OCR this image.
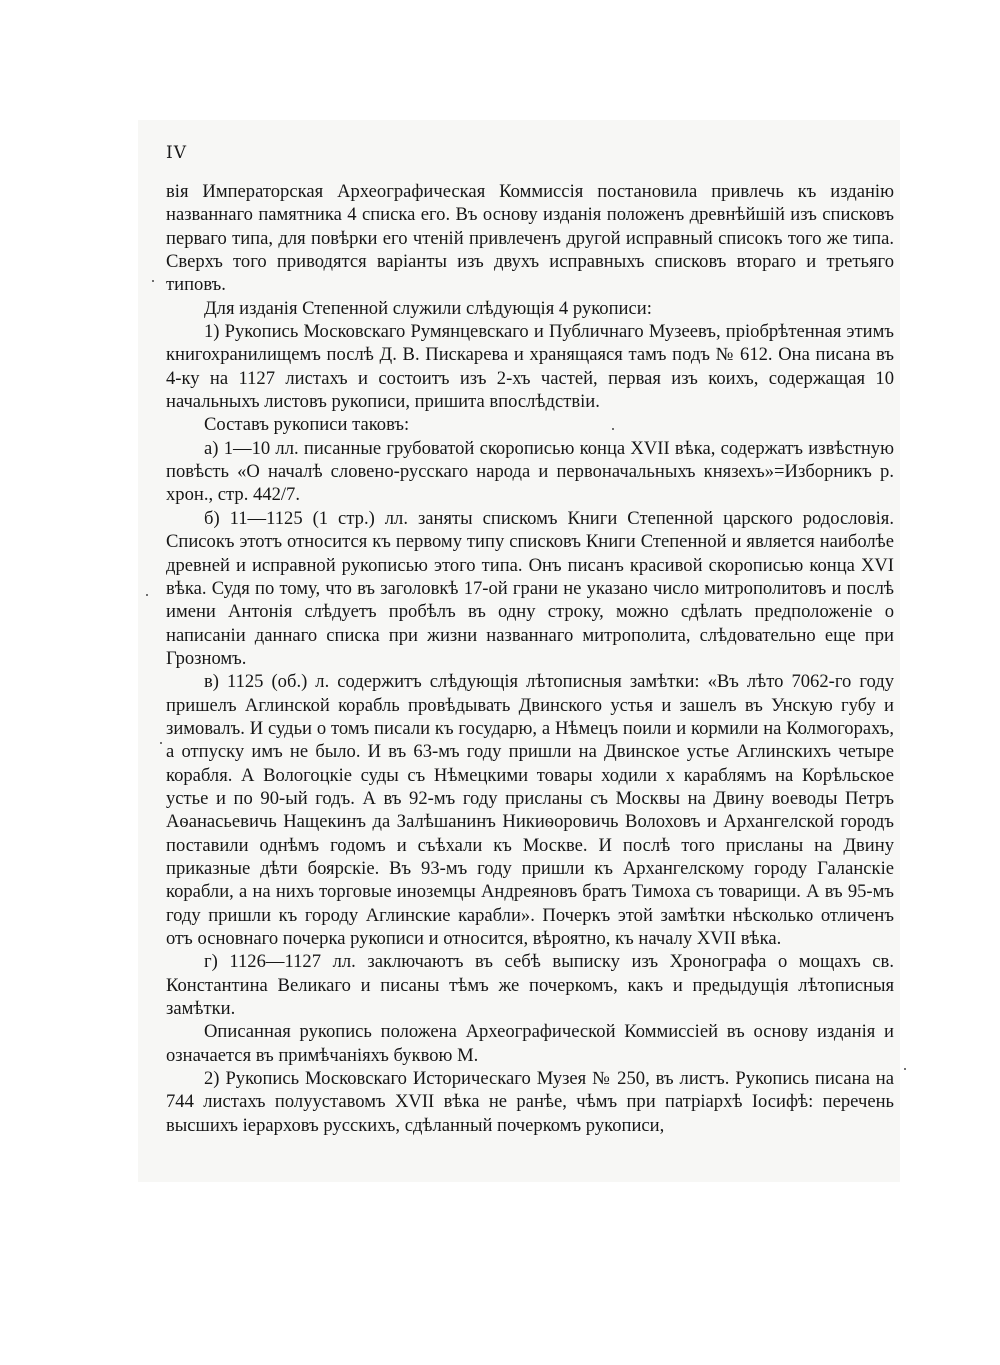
IV

вія Императорская Археографическая Коммиссія постановила привлечь къ изданію названнаго памятника 4 списка его. Въ основу изданія положенъ древнѣйшій изъ списковъ перваго типа, для повѣрки его чтеній привлеченъ другой исправный списокъ того же типа. Сверхъ того приводятся варіанты изъ двухъ исправныхъ списковъ втораго и третьяго типовъ.

Для изданія Степенной служили слѣдующія 4 рукописи:

1) Рукопись Московскаго Румянцевскаго и Публичнаго Музеевъ, пріобрѣтенная этимъ книгохранилищемъ послѣ Д. В. Пискарева и хранящаяся тамъ подъ № 612. Она писана въ 4-ку на 1127 листахъ и состоитъ изъ 2-хъ частей, первая изъ коихъ, содержащая 10 начальныхъ листовъ рукописи, пришита впослѣдствіи.

Составъ рукописи таковъ:

а) 1—10 лл. писанные грубоватой скорописью конца XVII вѣка, содержатъ извѣстную повѣсть «О началѣ словено-русскаго народа и первоначальныхъ князехъ»=Изборникъ р. хрон., стр. 442/7.

б) 11—1125 (1 стр.) лл. заняты спискомъ Книги Степенной царского родословія. Списокъ этотъ относится къ первому типу списковъ Книги Степенной и является наиболѣе древней и исправной рукописью этого типа. Онъ писанъ красивой скорописью конца XVI вѣка. Судя по тому, что въ заголовкѣ 17-ой грани не указано число митрополитовъ и послѣ имени Антонія слѣдуетъ пробѣлъ въ одну строку, можно сдѣлать предположеніе о написаніи даннаго списка при жизни названнаго митрополита, слѣдовательно еще при Грозномъ.

в) 1125 (об.) л. содержитъ слѣдующія лѣтописныя замѣтки: «Въ лѣто 7062-го году пришелъ Аглинской корабль провѣдывать Двинского устья и зашелъ въ Унскую губу и зимовалъ. И судьи о томъ писали къ государю, а Нѣмецъ поили и кормили на Колмогорахъ, а отпуску имъ не было. И въ 63-мъ году пришли на Двинское устье Аглинскихъ четыре корабля. А Вологоцкіе суды съ Нѣмецкими товары ходили х караблямъ на Корѣльское устье и по 90-ый годъ. А въ 92-мъ году присланы съ Москвы на Двину воеводы Петръ Аѳанасьевичь Нащекинъ да Залѣшанинъ Никиѳоровичь Волоховъ и Архангелской городъ поставили однѣмъ годомъ и съѣхали къ Москве. И послѣ того присланы на Двину приказные дѣти боярскіе. Въ 93-мъ году пришли къ Архангелскому городу Галанскіе корабли, а на нихъ торговые иноземцы Андреяновъ братъ Тимоха съ товарищи. А въ 95-мъ году пришли къ городу Аглинские карабли». Почеркъ этой замѣтки нѣсколько отличенъ отъ основнаго почерка рукописи и относится, вѣроятно, къ началу XVII вѣка.

г) 1126—1127 лл. заключаютъ въ себѣ выписку изъ Хронографа о мощахъ св. Константина Великаго и писаны тѣмъ же почеркомъ, какъ и предыдущія лѣтописныя замѣтки.

Описанная рукопись положена Археографической Коммиссіей въ основу изданія и означается въ примѣчаніяхъ буквою М.

2) Рукопись Московскаго Историческаго Музея № 250, въ листъ. Рукопись писана на 744 листахъ полууставомъ XVII вѣка не ранѣе, чѣмъ при патріархѣ Іосифѣ: перечень высшихъ іерарховъ русскихъ, сдѣланный почеркомъ рукописи,
